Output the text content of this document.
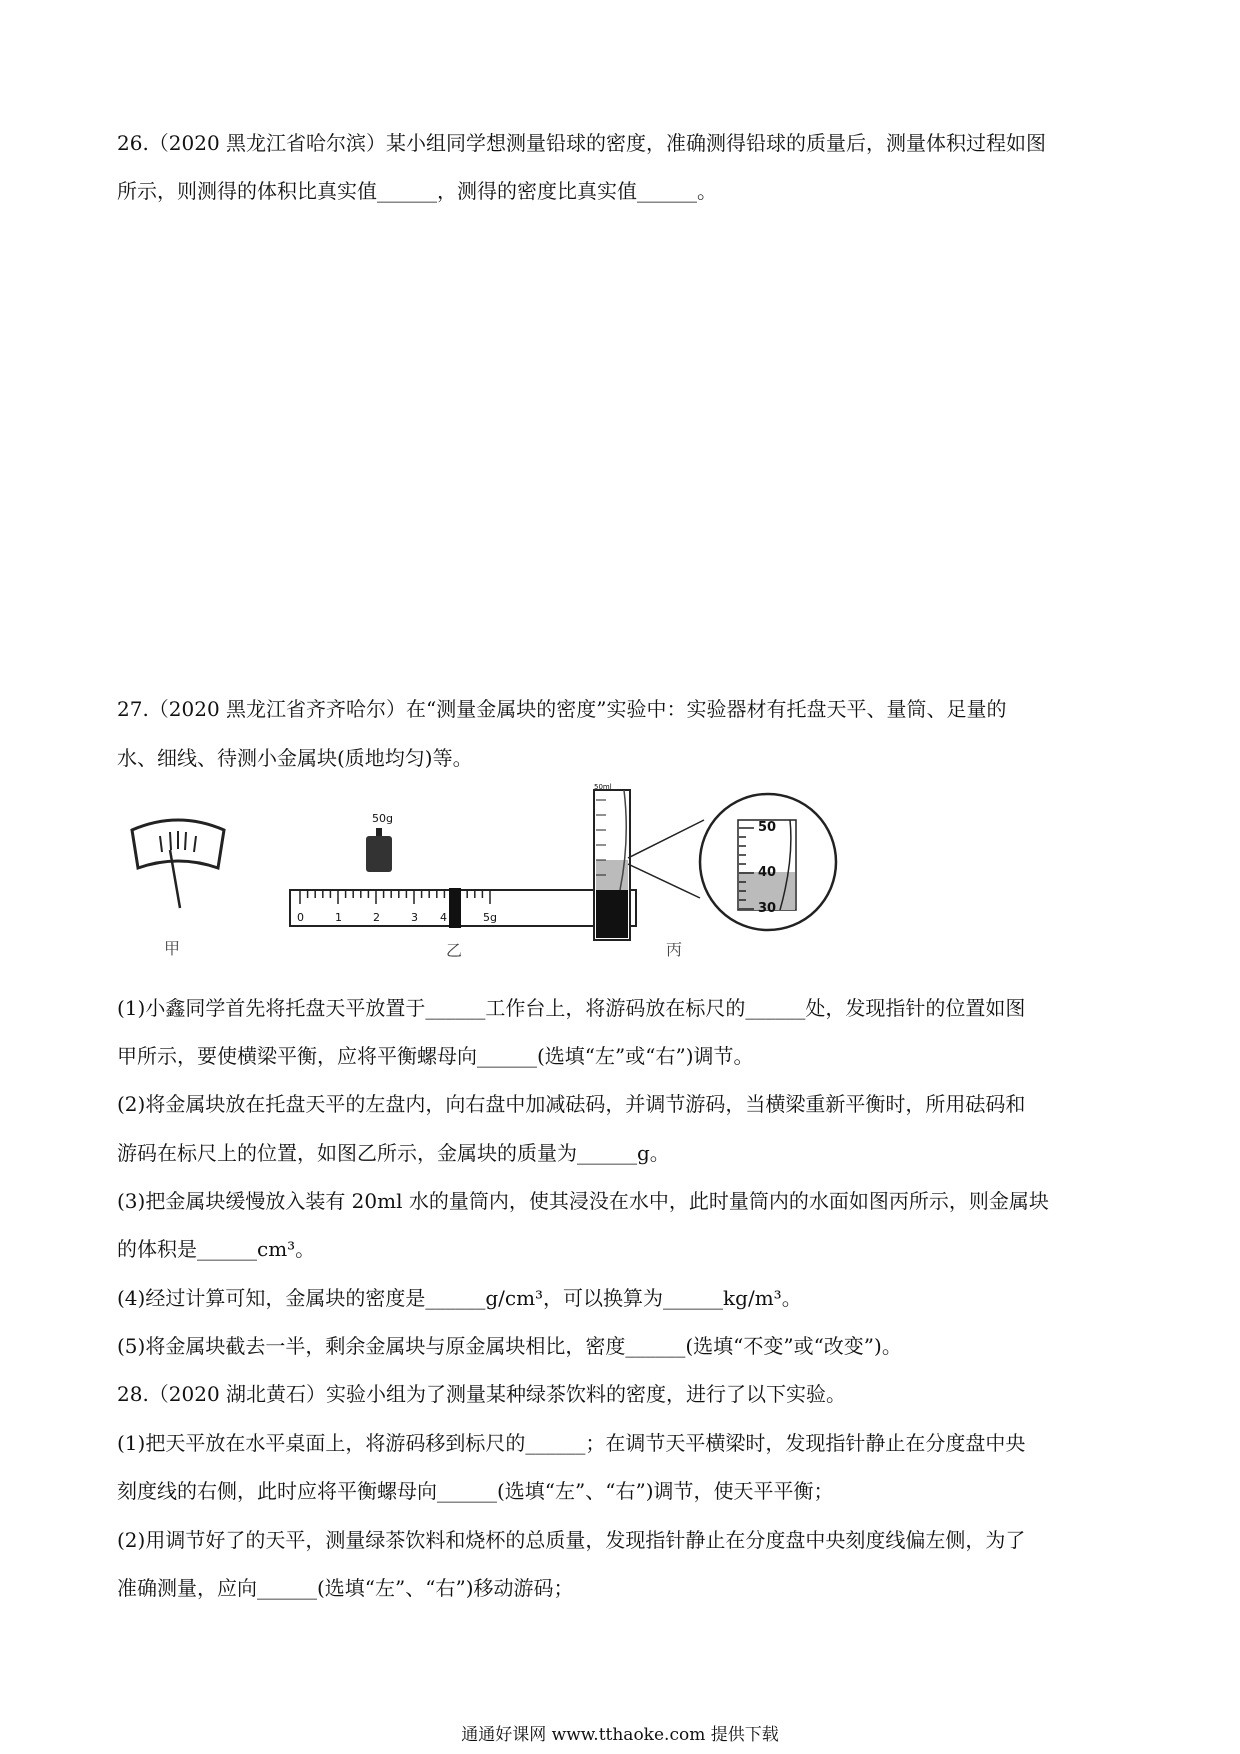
26.（2020 黑龙江省哈尔滨）某小组同学想测量铅球的密度，准确测得铅球的质量后，测量体积过程如图
所示，则测得的体积比真实值______，测得的密度比真实值______。
27.（2020 黑龙江省齐齐哈尔）在“测量金属块的密度”实验中：实验器材有托盘天平、量筒、足量的
水、细线、待测小金属块(质地均匀)等。
甲
50g
0	1	2	3 4	5g
乙
50ml
50
40
30
丙
(1)小鑫同学首先将托盘天平放置于______工作台上，将游码放在标尺的______处，发现指针的位置如图
甲所示，要使横梁平衡，应将平衡螺母向______(选填“左”或“右”)调节。
(2)将金属块放在托盘天平的左盘内，向右盘中加减砝码，并调节游码，当横梁重新平衡时，所用砝码和
游码在标尺上的位置，如图乙所示，金属块的质量为______g。
(3)把金属块缓慢放入装有 20ml 水的量筒内，使其浸没在水中，此时量筒内的水面如图丙所示，则金属块
的体积是______cm³。
(4)经过计算可知，金属块的密度是______g/cm³，可以换算为______kg/m³。
(5)将金属块截去一半，剩余金属块与原金属块相比，密度______(选填“不变”或“改变”)。
28.（2020 湖北黄石）实验小组为了测量某种绿茶饮料的密度，进行了以下实验。
(1)把天平放在水平桌面上，将游码移到标尺的______；在调节天平横梁时，发现指针静止在分度盘中央
刻度线的右侧，此时应将平衡螺母向______(选填“左”、“右”)调节，使天平平衡；
(2)用调节好了的天平，测量绿茶饮料和烧杯的总质量，发现指针静止在分度盘中央刻度线偏左侧，为了
准确测量，应向______(选填“左”、“右”)移动游码；
通通好课网 www.tthaoke.com 提供下载
